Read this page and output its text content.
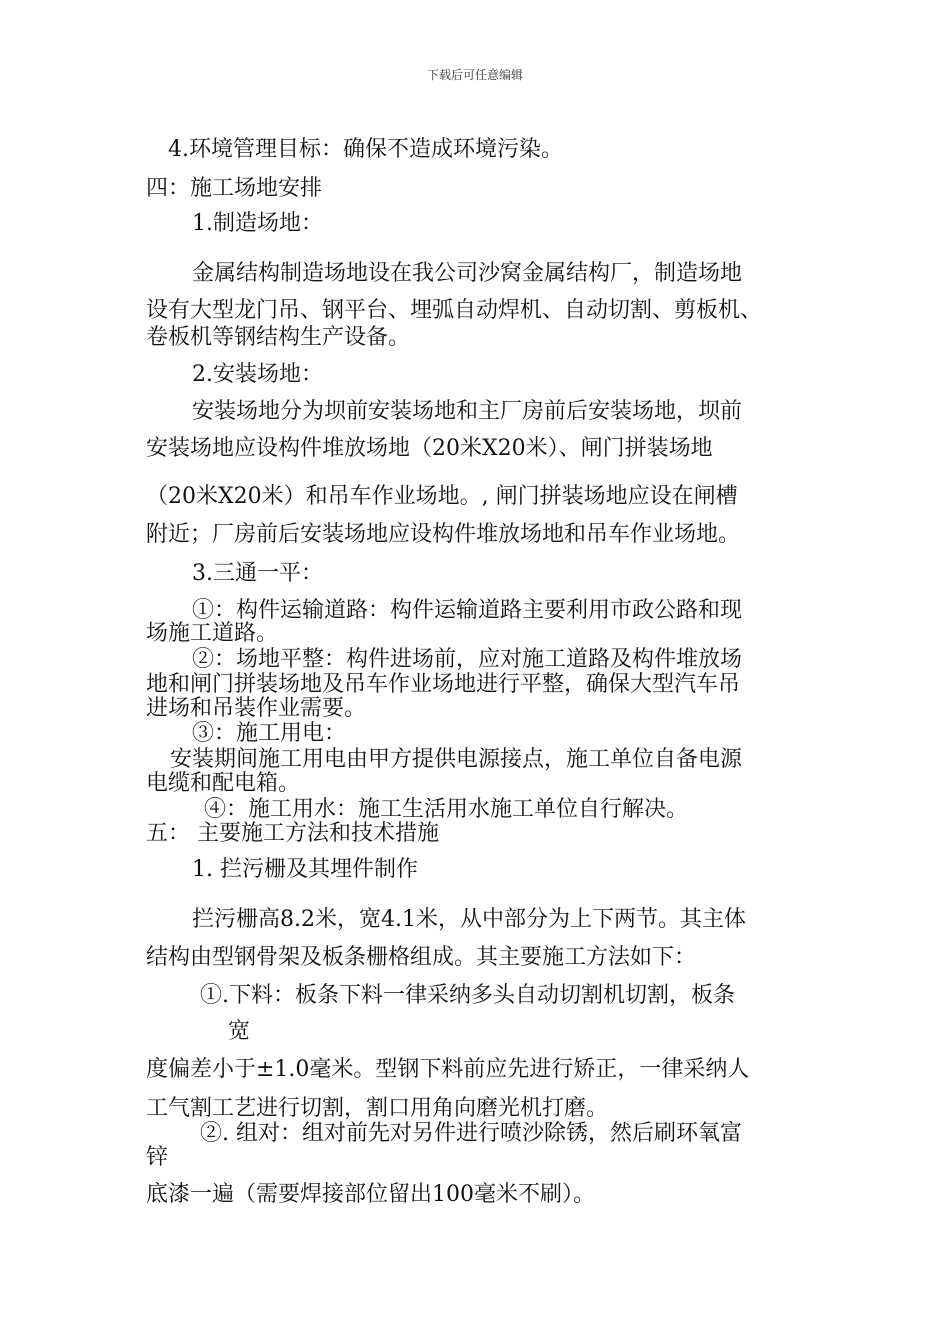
下载后可任意编辑
4.环境管理目标：确保不造成环境污染。
四：施工场地安排
1.制造场地：
金属结构制造场地设在我公司沙窝金属结构厂，制造场地
设有大型龙门吊、钢平台、埋弧自动焊机、自动切割、剪板机、
卷板机等钢结构生产设备。
2.安装场地：
安装场地分为坝前安装场地和主厂房前后安装场地，坝前
安装场地应设构件堆放场地（20米X20米）、闸门拼装场地
（20米X20米）和吊车作业场地。, 闸门拼装场地应设在闸槽
附近；厂房前后安装场地应设构件堆放场地和吊车作业场地。
3.三通一平：
①：构件运输道路：构件运输道路主要利用市政公路和现
场施工道路。
②：场地平整：构件进场前，应对施工道路及构件堆放场
地和闸门拼装场地及吊车作业场地进行平整，确保大型汽车吊
进场和吊装作业需要。
③：施工用电：
安装期间施工用电由甲方提供电源接点，施工单位自备电源
电缆和配电箱。
④：施工用水：施工生活用水施工单位自行解决。
五： 主要施工方法和技术措施
1. 拦污栅及其埋件制作
拦污栅高8.2米，宽4.1米，从中部分为上下两节。其主体
结构由型钢骨架及板条栅格组成。其主要施工方法如下：
①.下料：板条下料一律采纳多头自动切割机切割，板条
宽
度偏差小于±1.0毫米。型钢下料前应先进行矫正，一律采纳人
工气割工艺进行切割，割口用角向磨光机打磨。
②. 组对：组对前先对另件进行喷沙除锈，然后刷环氧富
锌
底漆一遍（需要焊接部位留出100毫米不刷）。
